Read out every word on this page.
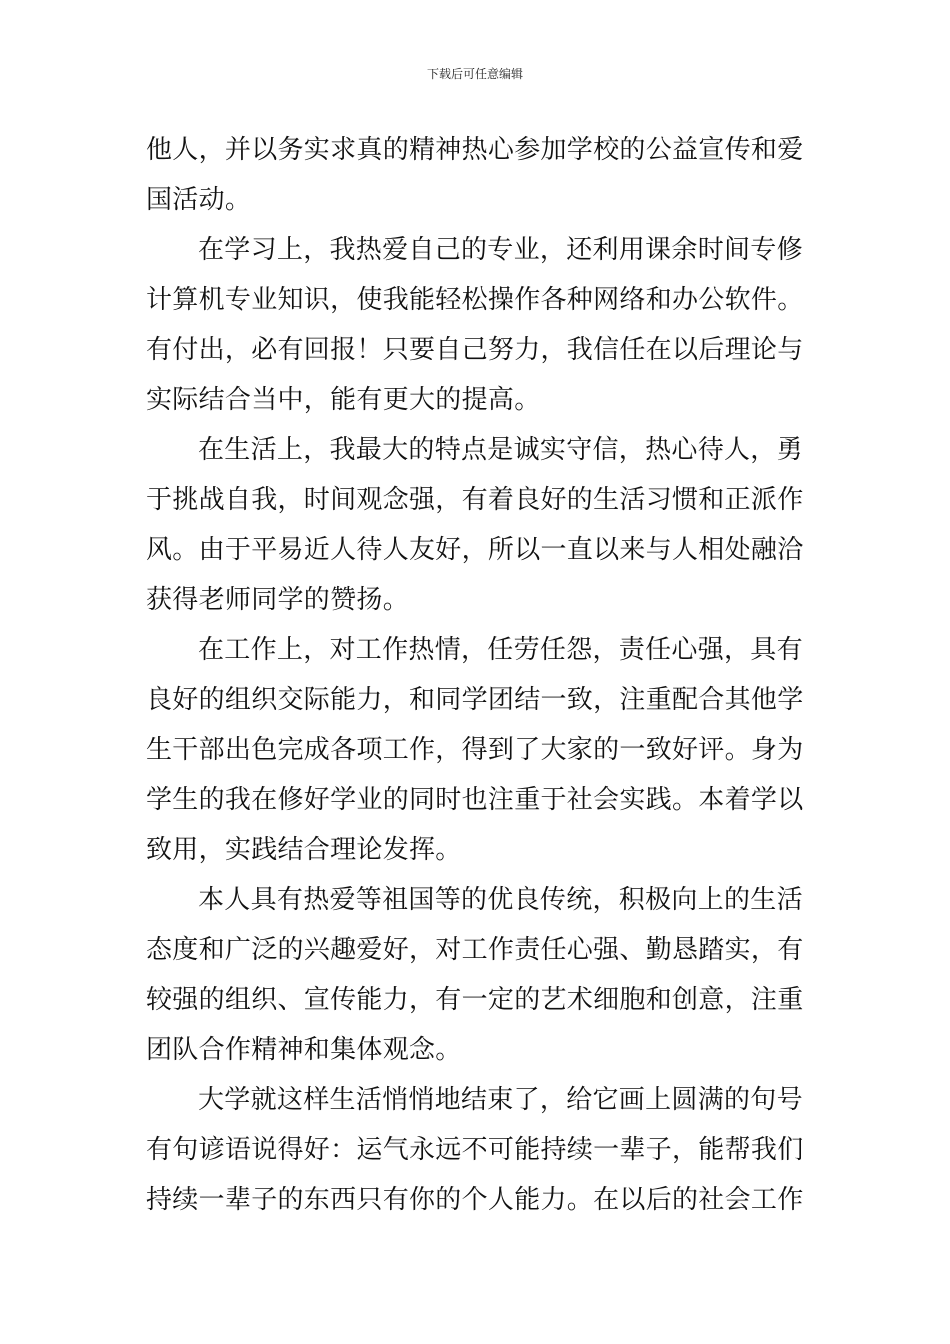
下载后可任意编辑
他人，并以务实求真的精神热心参加学校的公益宣传和爱
国活动。
在学习上，我热爱自己的专业，还利用课余时间专修
计算机专业知识，使我能轻松操作各种网络和办公软件。
有付出，必有回报！只要自己努力，我信任在以后理论与
实际结合当中，能有更大的提高。
在生活上，我最大的特点是诚实守信，热心待人，勇
于挑战自我，时间观念强，有着良好的生活习惯和正派作
风。由于平易近人待人友好，所以一直以来与人相处融洽
获得老师同学的赞扬。
在工作上，对工作热情，任劳任怨，责任心强，具有
良好的组织交际能力，和同学团结一致，注重配合其他学
生干部出色完成各项工作，得到了大家的一致好评。身为
学生的我在修好学业的同时也注重于社会实践。本着学以
致用，实践结合理论发挥。
本人具有热爱等祖国等的优良传统，积极向上的生活
态度和广泛的兴趣爱好，对工作责任心强、勤恳踏实，有
较强的组织、宣传能力，有一定的艺术细胞和创意，注重
团队合作精神和集体观念。
大学就这样生活悄悄地结束了，给它画上圆满的句号
有句谚语说得好：运气永远不可能持续一辈子，能帮我们
持续一辈子的东西只有你的个人能力。在以后的社会工作
